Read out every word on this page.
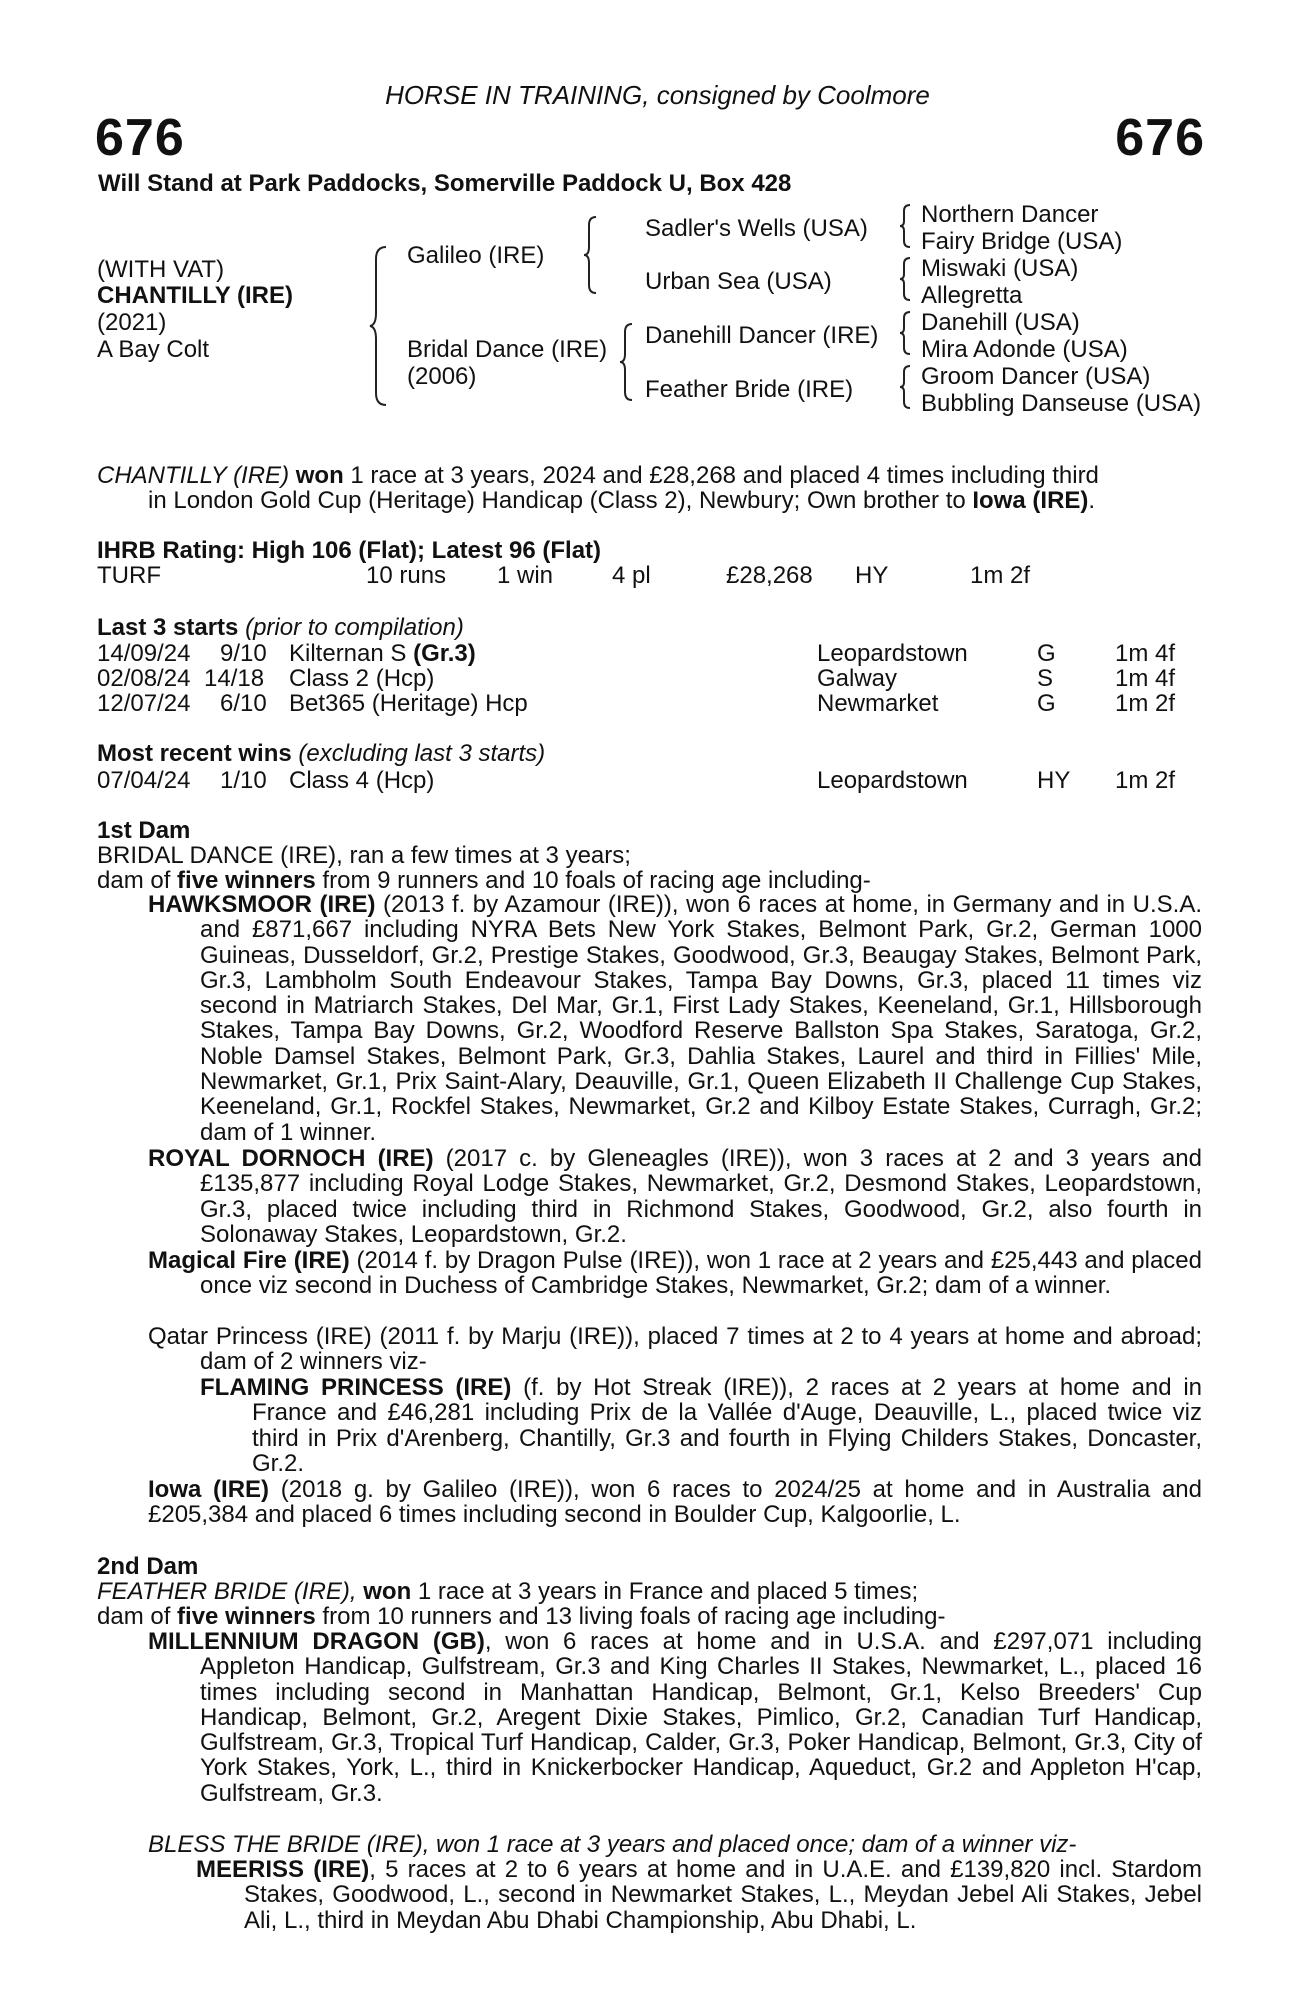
HORSE IN TRAINING, consigned by Coolmore
676	676
Will Stand at Park Paddocks, Somerville Paddock U, Box 428
(WITH VAT)
CHANTILLY (IRE)
(2021)
A Bay Colt
Galileo (IRE)
Bridal Dance (IRE)
(2006)
Sadler's Wells (USA)
Urban Sea (USA)
Danehill Dancer (IRE)
Feather Bride (IRE)
Northern Dancer
Fairy Bridge (USA)
Miswaki (USA)
Allegretta
Danehill (USA)
Mira Adonde (USA)
Groom Dancer (USA)
Bubbling Danseuse (USA)
CHANTILLY (IRE) won 1 race at 3 years, 2024 and £28,268 and placed 4 times including third
in London Gold Cup (Heritage) Handicap (Class 2), Newbury; Own brother to Iowa (IRE).
IHRB Rating: High 106 (Flat); Latest 96 (Flat)
TURF	10 runs 1 win 4 pl	£28,268 HY	1m 2f
Last 3 starts (prior to compilation)
14/09/24 9/10 Kilternan S (Gr.3)	Leopardstown	G 1m 4f
02/08/24 14/18 Class 2 (Hcp)	Galway	S	1m 4f
12/07/24 6/10 Bet365 (Heritage) Hcp	Newmarket	G 1m 2f
Most recent wins (excluding last 3 starts)
07/04/24 1/10 Class 4 (Hcp)	Leopardstown	HY 1m 2f
1st Dam
BRIDAL DANCE (IRE), ran a few times at 3 years;
dam of five winners from 9 runners and 10 foals of racing age including-
HAWKSMOOR (IRE) (2013 f. by Azamour (IRE)), won 6 races at home, in Germany and in U.S.A. and £871,667 including NYRA Bets New York Stakes, Belmont Park, Gr.2, German 1000 Guineas, Dusseldorf, Gr.2, Prestige Stakes, Goodwood, Gr.3, Beaugay Stakes, Belmont Park, Gr.3, Lambholm South Endeavour Stakes, Tampa Bay Downs, Gr.3, placed 11 times viz second in Matriarch Stakes, Del Mar, Gr.1, First Lady Stakes, Keeneland, Gr.1, Hillsborough Stakes, Tampa Bay Downs, Gr.2, Woodford Reserve Ballston Spa Stakes, Saratoga, Gr.2, Noble Damsel Stakes, Belmont Park, Gr.3, Dahlia Stakes, Laurel and third in Fillies' Mile, Newmarket, Gr.1, Prix Saint-Alary, Deauville, Gr.1, Queen Elizabeth II Challenge Cup Stakes, Keeneland, Gr.1, Rockfel Stakes, Newmarket, Gr.2 and Kilboy Estate Stakes, Curragh, Gr.2; dam of 1 winner.
ROYAL DORNOCH (IRE) (2017 c. by Gleneagles (IRE)), won 3 races at 2 and 3 years and £135,877 including Royal Lodge Stakes, Newmarket, Gr.2, Desmond Stakes, Leopardstown, Gr.3, placed twice including third in Richmond Stakes, Goodwood, Gr.2, also fourth in Solonaway Stakes, Leopardstown, Gr.2.
Magical Fire (IRE) (2014 f. by Dragon Pulse (IRE)), won 1 race at 2 years and £25,443 and placed once viz second in Duchess of Cambridge Stakes, Newmarket, Gr.2; dam of a winner.
Qatar Princess (IRE) (2011 f. by Marju (IRE)), placed 7 times at 2 to 4 years at home and abroad; dam of 2 winners viz-
FLAMING PRINCESS (IRE) (f. by Hot Streak (IRE)), 2 races at 2 years at home and in France and £46,281 including Prix de la Vallée d'Auge, Deauville, L., placed twice viz third in Prix d'Arenberg, Chantilly, Gr.3 and fourth in Flying Childers Stakes, Doncaster, Gr.2.
Iowa (IRE) (2018 g. by Galileo (IRE)), won 6 races to 2024/25 at home and in Australia and £205,384 and placed 6 times including second in Boulder Cup, Kalgoorlie, L.
2nd Dam
FEATHER BRIDE (IRE), won 1 race at 3 years in France and placed 5 times;
dam of five winners from 10 runners and 13 living foals of racing age including-
MILLENNIUM DRAGON (GB), won 6 races at home and in U.S.A. and £297,071 including Appleton Handicap, Gulfstream, Gr.3 and King Charles II Stakes, Newmarket, L., placed 16 times including second in Manhattan Handicap, Belmont, Gr.1, Kelso Breeders' Cup Handicap, Belmont, Gr.2, Aregent Dixie Stakes, Pimlico, Gr.2, Canadian Turf Handicap, Gulfstream, Gr.3, Tropical Turf Handicap, Calder, Gr.3, Poker Handicap, Belmont, Gr.3, City of York Stakes, York, L., third in Knickerbocker Handicap, Aqueduct, Gr.2 and Appleton H'cap, Gulfstream, Gr.3.
BLESS THE BRIDE (IRE), won 1 race at 3 years and placed once; dam of a winner viz-
MEERISS (IRE), 5 races at 2 to 6 years at home and in U.A.E. and £139,820 incl. Stardom Stakes, Goodwood, L., second in Newmarket Stakes, L., Meydan Jebel Ali Stakes, Jebel Ali, L., third in Meydan Abu Dhabi Championship, Abu Dhabi, L.
